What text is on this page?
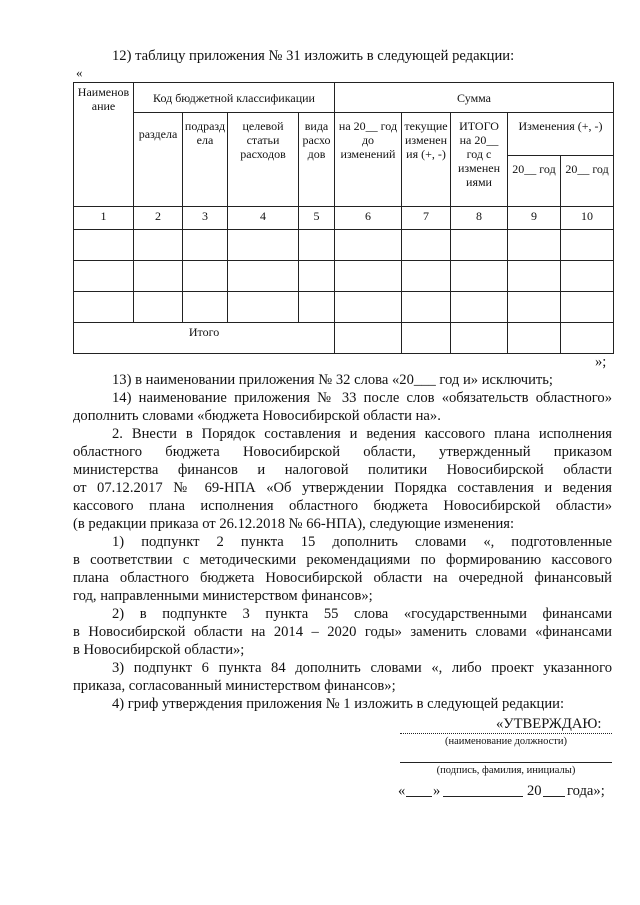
12) таблицу приложения № 31 изложить в следующей редакции:
«
Наименов ание	Код бюджетной классификации				Сумма				
	раздела	подразд ела	целевой статьи расходов	вида расхо дов	на 20__ год до изменений	текущие изменен ия (+, -)	ИТОГО на 20__ год с изменен иями	Изменения (+, -)	
								20__ год	20__ год
1	2	3	4	5	6	7	8	9	10

Итого									
»;
13) в наименовании приложения № 32 слова «20___ год и» исключить;
14) наименование приложения № 33 после слов «обязательств областного»
дополнить словами «бюджета Новосибирской области на».
2. Внести в Порядок составления и ведения кассового плана исполнения
областного бюджета Новосибирской области, утвержденный приказом
министерства финансов и налоговой политики Новосибирской области
от 07.12.2017 № 69-НПА «Об утверждении Порядка составления и ведения
кассового плана исполнения областного бюджета Новосибирской области»
(в редакции приказа от 26.12.2018 № 66-НПА), следующие изменения:
1) подпункт 2 пункта 15 дополнить словами «, подготовленные
в соответствии с методическими рекомендациями по формированию кассового
плана областного бюджета Новосибирской области на очередной финансовый
год, направленными министерством финансов»;
2) в подпункте 3 пункта 55 слова «государственными финансами
в Новосибирской области на 2014 – 2020 годы» заменить словами «финансами
в Новосибирской области»;
3) подпункт 6 пункта 84 дополнить словами «, либо проект указанного
приказа, согласованный министерством финансов»;
4) гриф утверждения приложения № 1 изложить в следующей редакции:
«УТВЕРЖДАЮ:
(наименование должности)
(подпись, фамилия, инициалы)
« »	20 года»;
